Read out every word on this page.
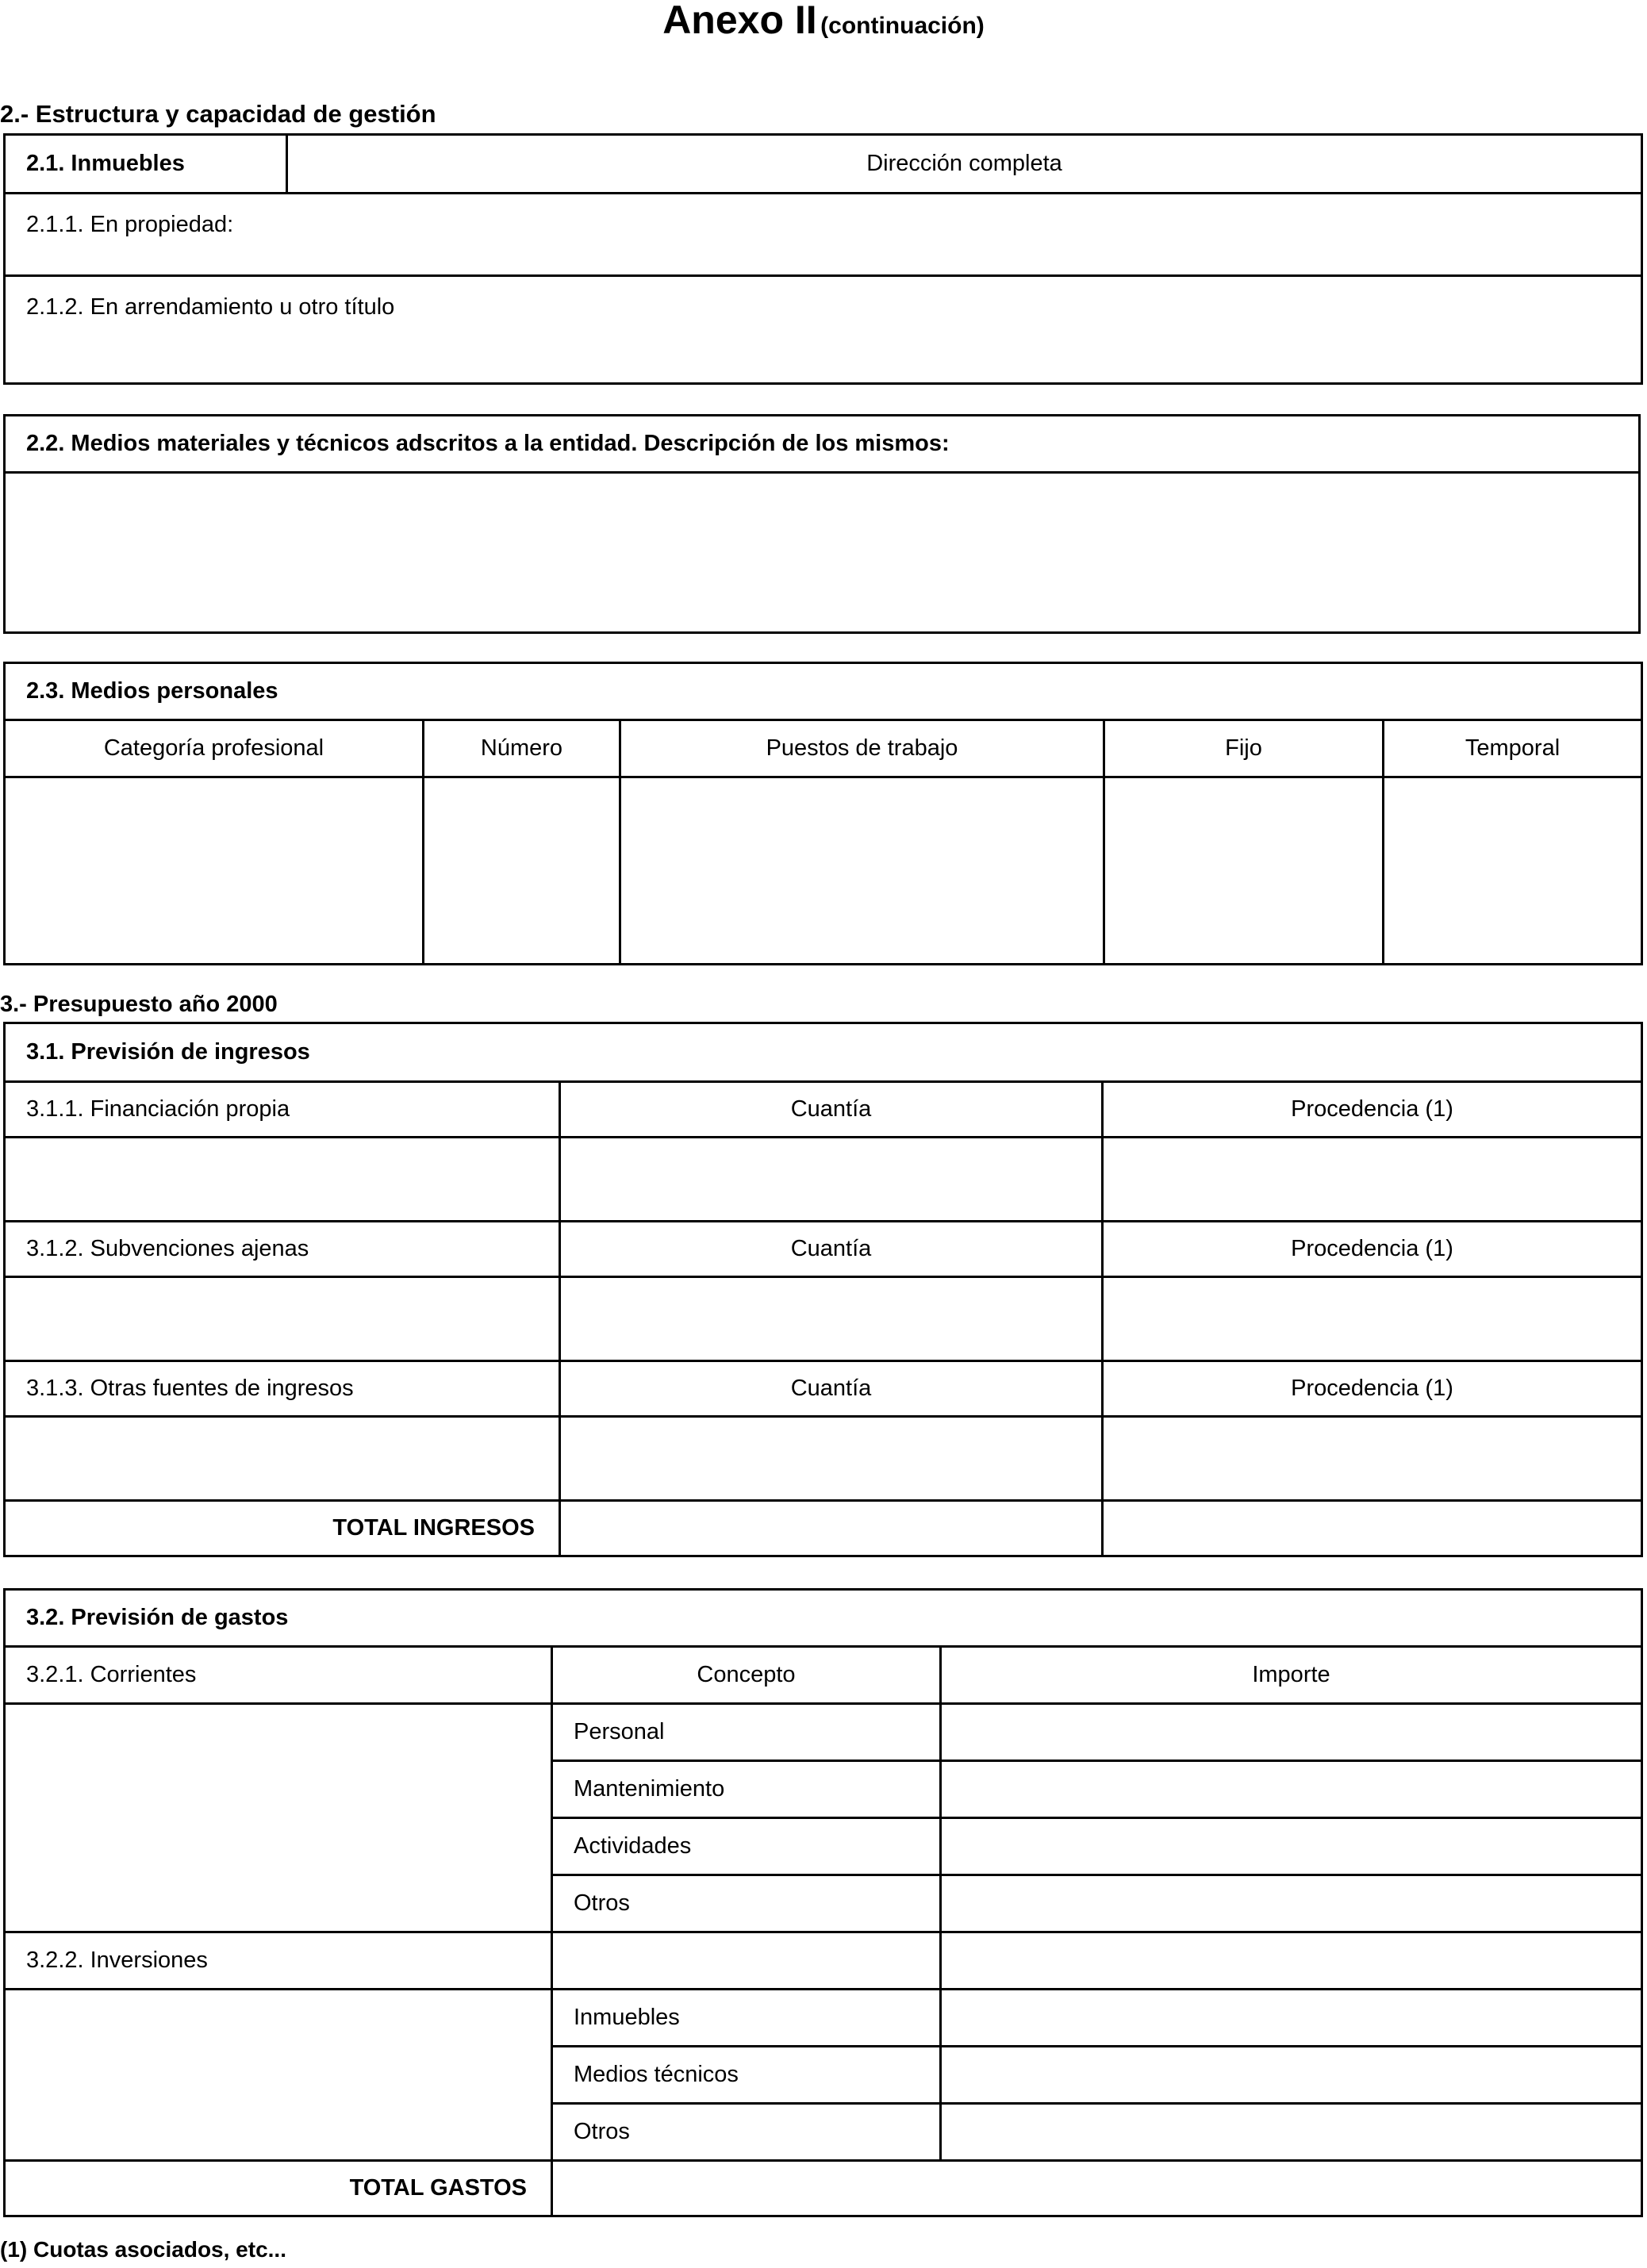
Anexo II (continuación)
2.- Estructura y capacidad de gestión
2.1. Inmuebles	Dirección completa
2.1.1. En propiedad:
2.1.2. En arrendamiento u otro título
2.2. Medios materiales y técnicos adscritos a la entidad. Descripción de los mismos:

2.3. Medios personales				
Categoría profesional	Número	Puestos de trabajo	Fijo	Temporal

3.- Presupuesto año 2000
3.1. Previsión de ingresos		
3.1.1. Financiación propia	Cuantía	Procedencia (1)

3.1.2. Subvenciones ajenas	Cuantía	Procedencia (1)

3.1.3. Otras fuentes de ingresos	Cuantía	Procedencia (1)

TOTAL INGRESOS		
3.2. Previsión de gastos		
3.2.1. Corrientes	Concepto	Importe
	Personal	
	Mantenimiento	
	Actividades	
	Otros	
3.2.2. Inversiones		
	Inmuebles	
	Medios técnicos	
	Otros	
TOTAL GASTOS		
(1) Cuotas asociados, etc...
